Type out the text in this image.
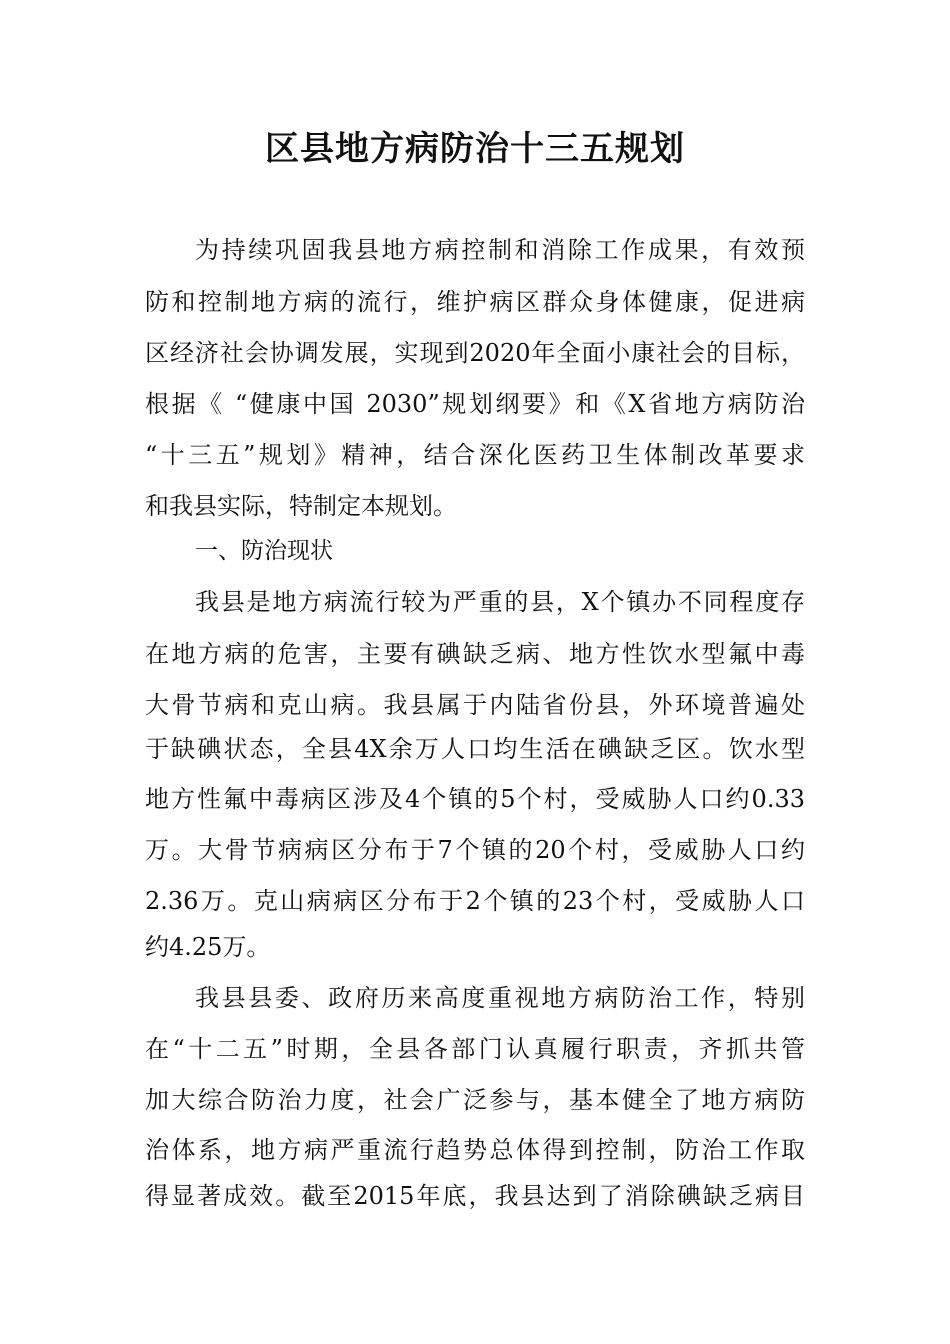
区县地方病防治十三五规划
为持续巩固我县地方病控制和消除工作成果，有效预
防和控制地方病的流行，维护病区群众身体健康，促进病
区经济社会协调发展，实现到2020年全面小康社会的目标，
根据《 “健康中国 2030”规划纲要》和《X省地方病防治
“十三五”规划》精神，结合深化医药卫生体制改革要求
和我县实际，特制定本规划。
一、防治现状
我县是地方病流行较为严重的县，X个镇办不同程度存
在地方病的危害，主要有碘缺乏病、地方性饮水型氟中毒
大骨节病和克山病。我县属于内陆省份县，外环境普遍处
于缺碘状态，全县4X余万人口均生活在碘缺乏区。饮水型
地方性氟中毒病区涉及4个镇的5个村，受威胁人口约0.33
万。大骨节病病区分布于7个镇的20个村，受威胁人口约
2.36万。克山病病区分布于2个镇的23个村，受威胁人口
约4.25万。
我县县委、政府历来高度重视地方病防治工作，特别
在“十二五”时期，全县各部门认真履行职责，齐抓共管
加大综合防治力度，社会广泛参与，基本健全了地方病防
治体系，地方病严重流行趋势总体得到控制，防治工作取
得显著成效。截至2015年底，我县达到了消除碘缺乏病目
